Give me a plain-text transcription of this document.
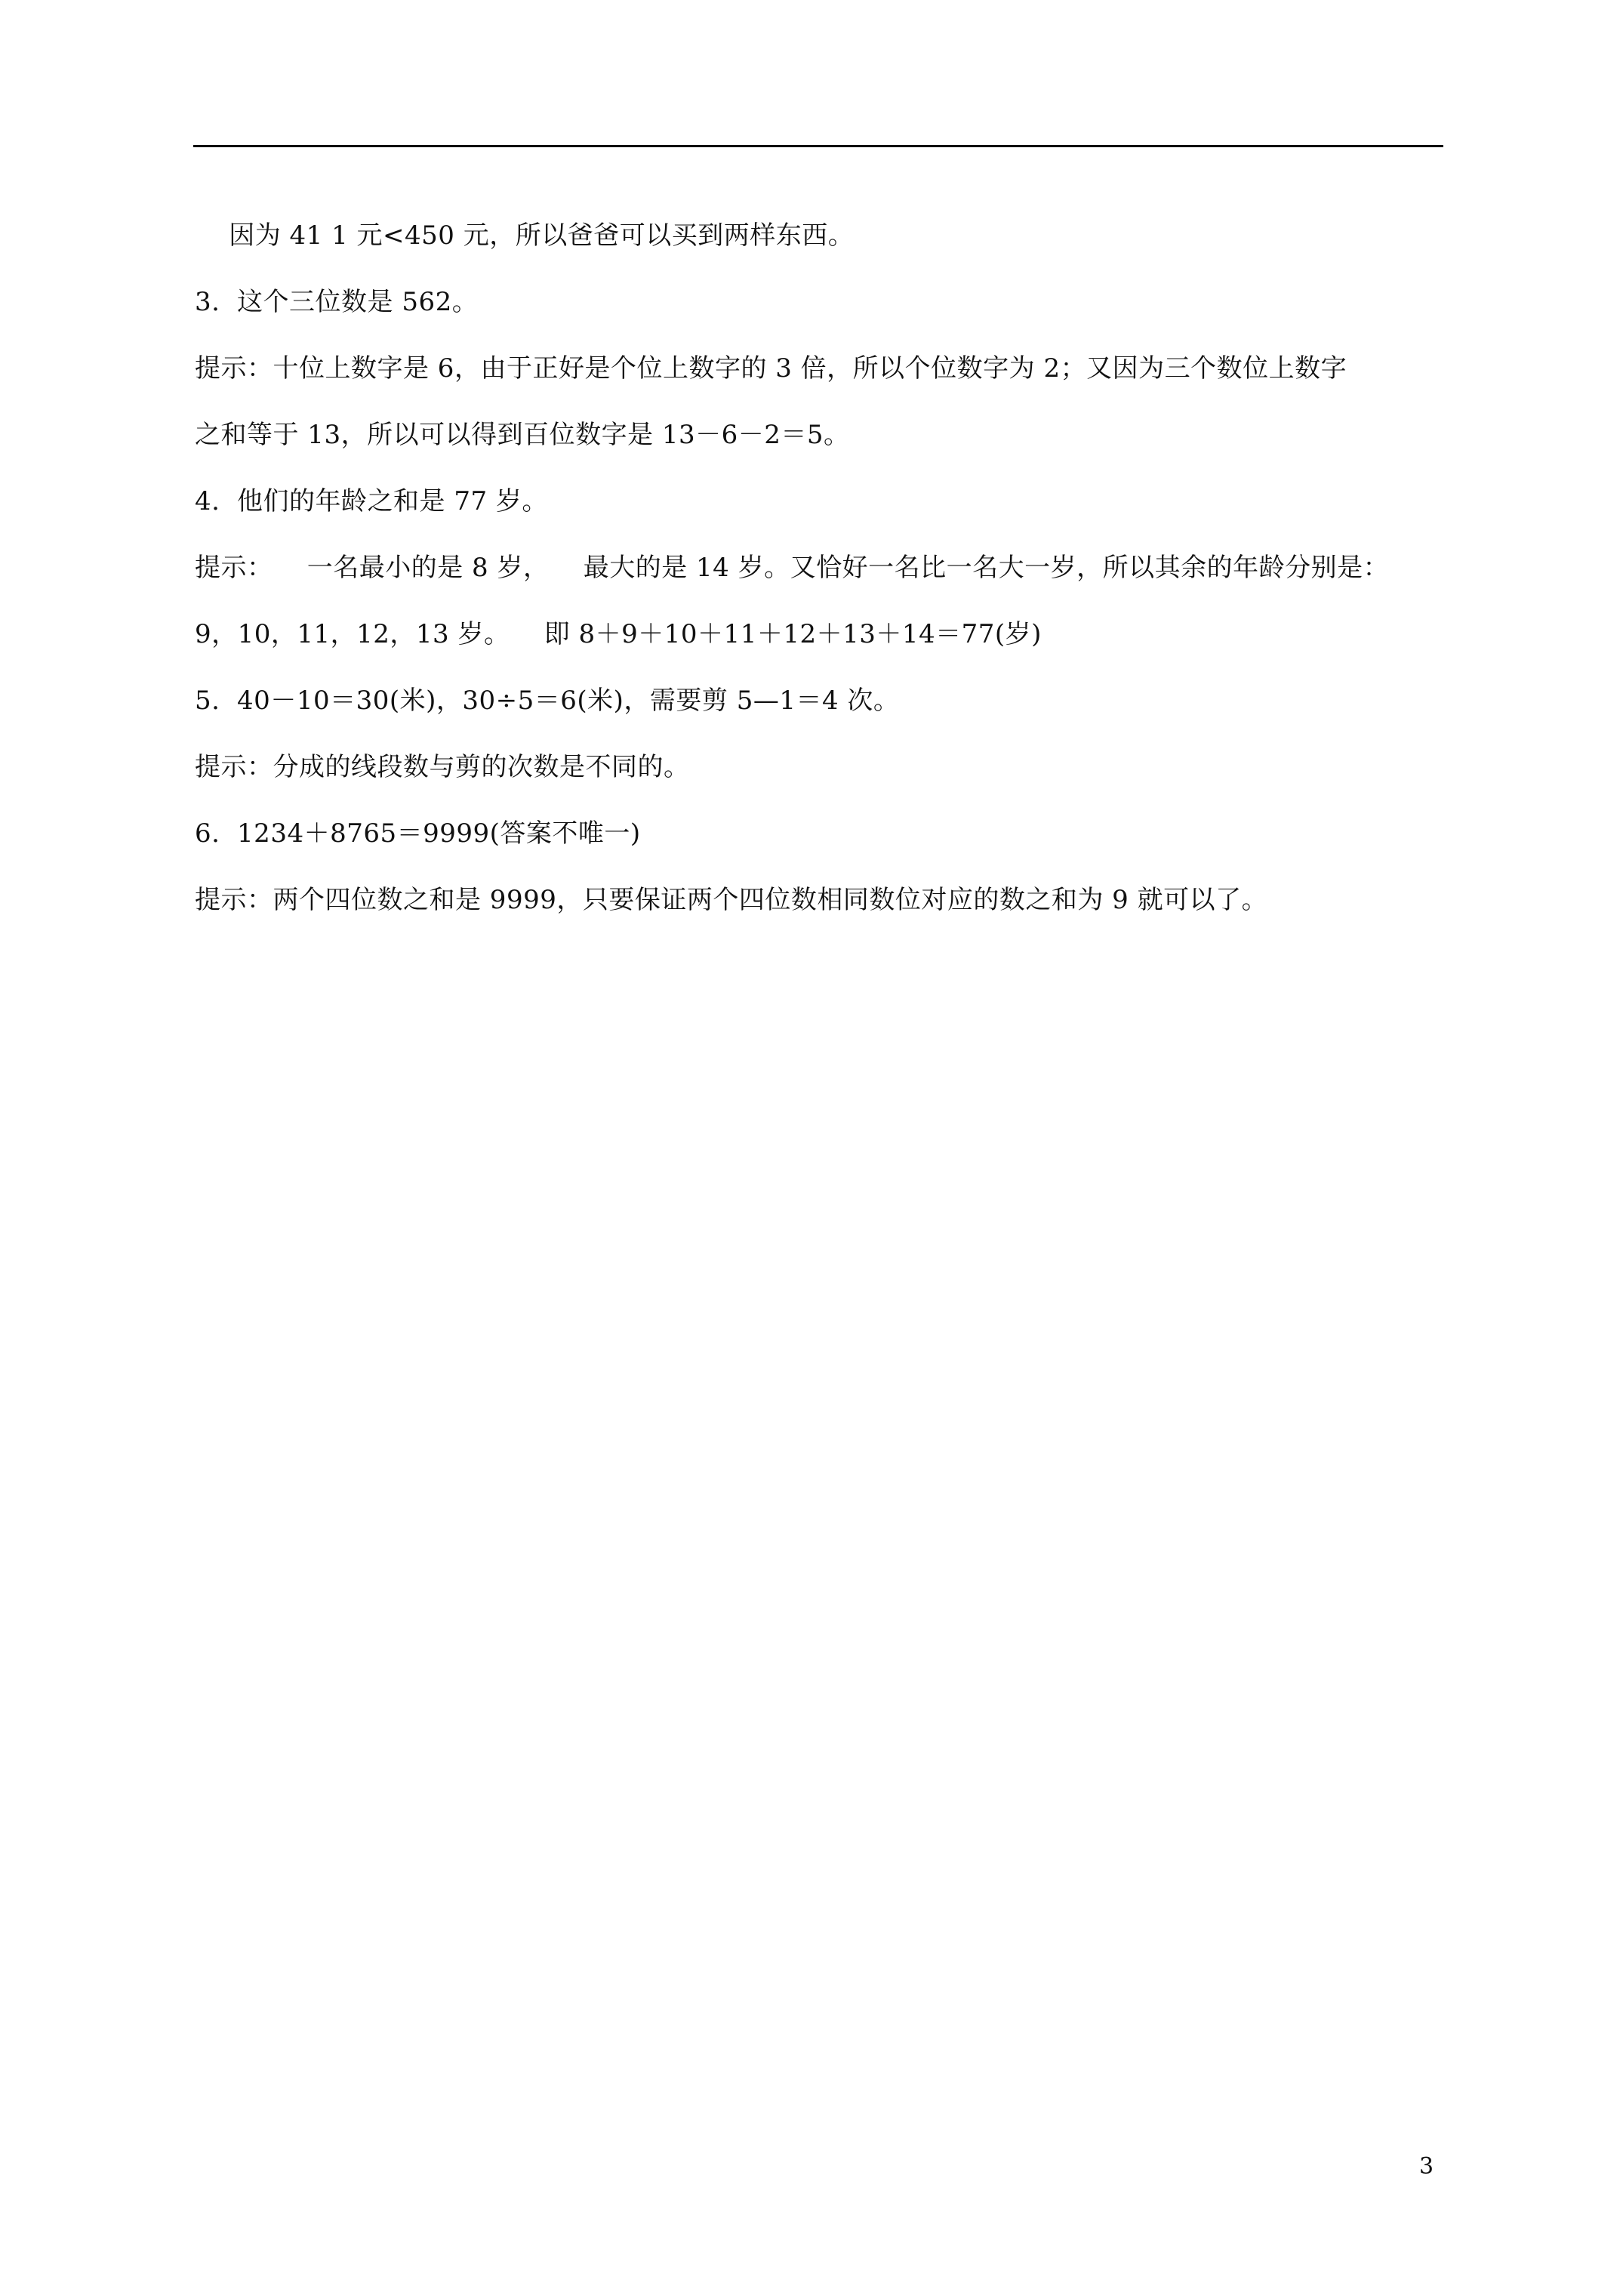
因为 41 1 元<450 元，所以爸爸可以买到两样东西。
3.  这个三位数是 562。
提示：十位上数字是 6，由于正好是个位上数字的 3 倍，所以个位数字为 2；又因为三个数位上数字
之和等于 13，所以可以得到百位数字是 13－6－2＝5。
4.  他们的年龄之和是 77 岁。
提示：    一名最小的是 8 岁，    最大的是 14 岁。又恰好一名比一名大一岁，所以其余的年龄分别是：
9，10，11，12，13 岁。    即 8＋9＋10＋11＋12＋13＋14＝77(岁)
5.  40－10＝30(米)，30÷5＝6(米)，需要剪 5—1＝4 次。
提示：分成的线段数与剪的次数是不同的。
6.  1234＋8765＝9999(答案不唯一)
提示：两个四位数之和是 9999，只要保证两个四位数相同数位对应的数之和为 9 就可以了。
3
